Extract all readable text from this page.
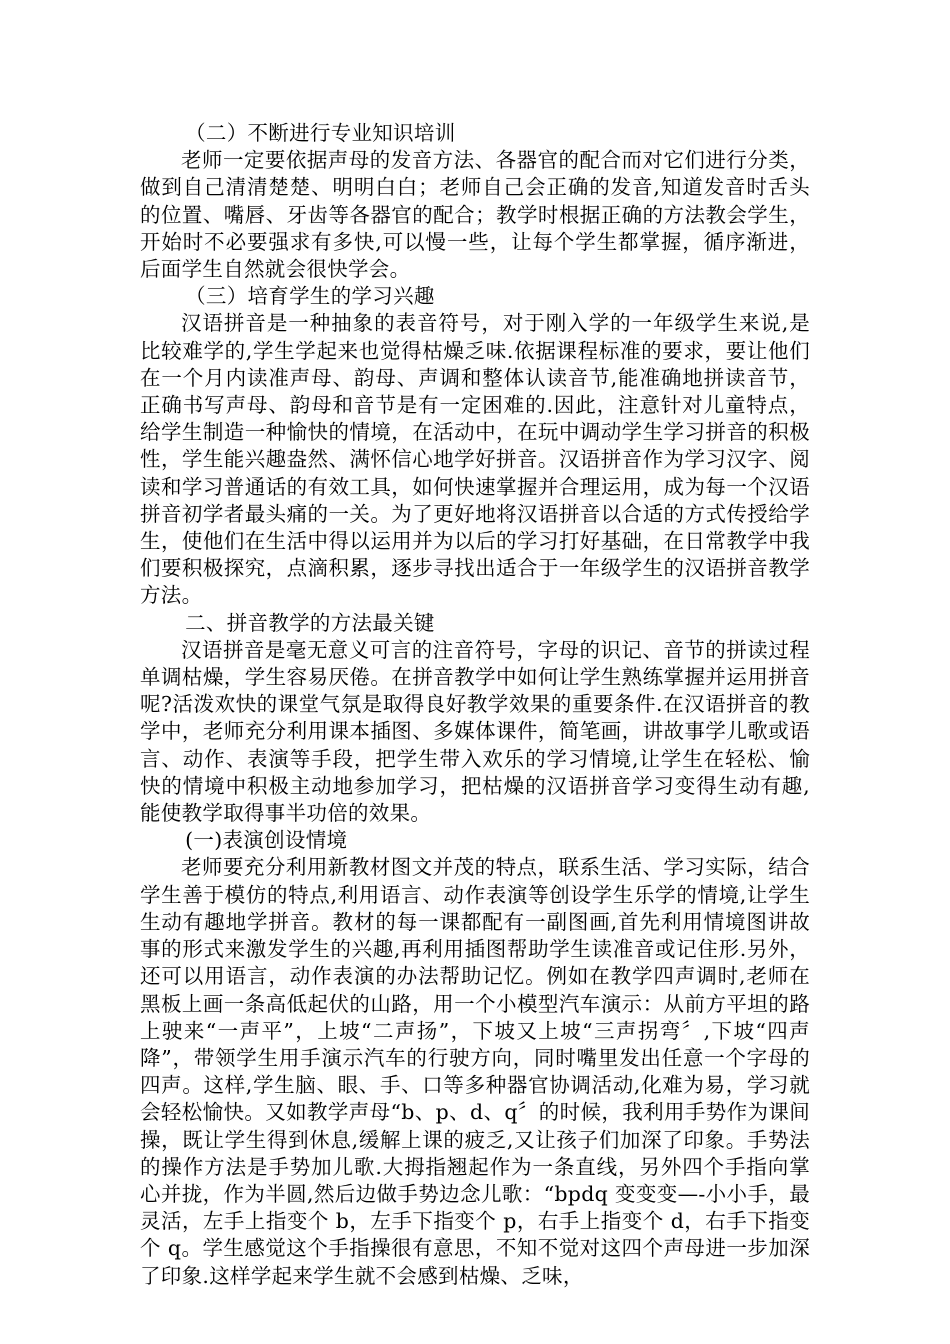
（二）不断进行专业知识培训

老师一定要依据声母的发音方法、各器官的配合而对它们进行分类，做到自己清清楚楚、明明白白；老师自己会正确的发音,知道发音时舌头的位置、嘴唇、牙齿等各器官的配合；教学时根据正确的方法教会学生，开始时不必要强求有多快,可以慢一些，让每个学生都掌握，循序渐进，后面学生自然就会很快学会。

（三）培育学生的学习兴趣

汉语拼音是一种抽象的表音符号，对于刚入学的一年级学生来说,是比较难学的,学生学起来也觉得枯燥乏味.依据课程标准的要求，要让他们在一个月内读准声母、韵母、声调和整体认读音节,能准确地拼读音节，正确书写声母、韵母和音节是有一定困难的.因此，注意针对儿童特点，给学生制造一种愉快的情境，在活动中，在玩中调动学生学习拼音的积极性，学生能兴趣盎然、满怀信心地学好拼音。汉语拼音作为学习汉字、阅读和学习普通话的有效工具，如何快速掌握并合理运用，成为每一个汉语拼音初学者最头痛的一关。为了更好地将汉语拼音以合适的方式传授给学生，使他们在生活中得以运用并为以后的学习打好基础，在日常教学中我们要积极探究，点滴积累，逐步寻找出适合于一年级学生的汉语拼音教学方法。

二、拼音教学的方法最关键

汉语拼音是毫无意义可言的注音符号，字母的识记、音节的拼读过程单调枯燥，学生容易厌倦。在拼音教学中如何让学生熟练掌握并运用拼音呢?活泼欢快的课堂气氛是取得良好教学效果的重要条件.在汉语拼音的教学中，老师充分利用课本插图、多媒体课件，简笔画，讲故事学儿歌或语言、动作、表演等手段，把学生带入欢乐的学习情境,让学生在轻松、愉快的情境中积极主动地参加学习，把枯燥的汉语拼音学习变得生动有趣,能使教学取得事半功倍的效果。

(一)表演创设情境

老师要充分利用新教材图文并茂的特点，联系生活、学习实际，结合学生善于模仿的特点,利用语言、动作表演等创设学生乐学的情境,让学生生动有趣地学拼音。教材的每一课都配有一副图画,首先利用情境图讲故事的形式来激发学生的兴趣,再利用插图帮助学生读准音或记住形.另外，还可以用语言，动作表演的办法帮助记忆。例如在教学四声调时,老师在黑板上画一条高低起伏的山路，用一个小模型汽车演示：从前方平坦的路上驶来“一声平”，上坡“二声扬”，下坡又上坡“三声拐弯〞,下坡“四声降”，带领学生用手演示汽车的行驶方向，同时嘴里发出任意一个字母的四声。这样,学生脑、眼、手、口等多种器官协调活动,化难为易，学习就会轻松愉快。又如教学声母“b、p、d、q〞的时候，我利用手势作为课间操，既让学生得到休息,缓解上课的疲乏,又让孩子们加深了印象。手势法的操作方法是手势加儿歌.大拇指翘起作为一条直线，另外四个手指向掌心并拢，作为半圆,然后边做手势边念儿歌：“bpdq 变变变—-小小手，最灵活，左手上指变个 b，左手下指变个 p，右手上指变个 d，右手下指变个 q。学生感觉这个手指操很有意思，不知不觉对这四个声母进一步加深了印象.这样学起来学生就不会感到枯燥、乏味，
